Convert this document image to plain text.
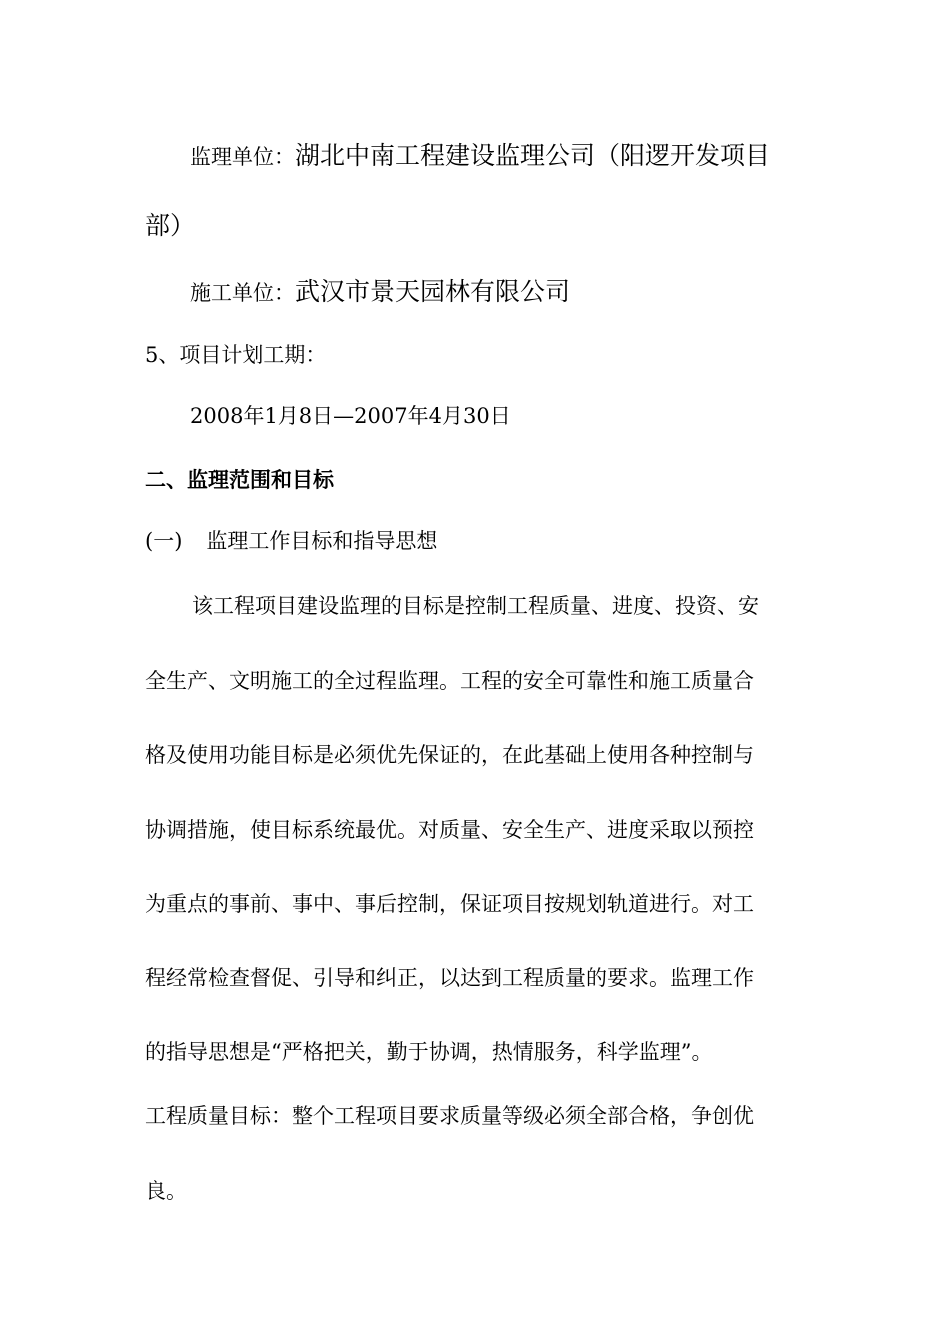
监理单位：湖北中南工程建设监理公司（阳逻开发项目
部）
施工单位：武汉市景天园林有限公司
5、项目计划工期：
2008年1月8日—2007年4月30日
二、监理范围和目标
(一) 监理工作目标和指导思想
该工程项目建设监理的目标是控制工程质量、进度、投资、安
全生产、文明施工的全过程监理。工程的安全可靠性和施工质量合
格及使用功能目标是必须优先保证的，在此基础上使用各种控制与
协调措施，使目标系统最优。对质量、安全生产、进度采取以预控
为重点的事前、事中、事后控制，保证项目按规划轨道进行。对工
程经常检查督促、引导和纠正，以达到工程质量的要求。监理工作
的指导思想是“严格把关，勤于协调，热情服务，科学监理”。
工程质量目标：整个工程项目要求质量等级必须全部合格，争创优
良。
